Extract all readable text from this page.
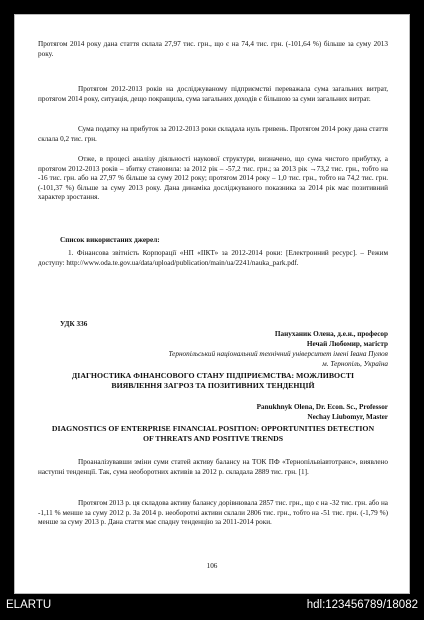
Протягом 2014 року дана стаття склала 27,97 тис. грн., що є на 74,4 тис. грн. (-101,64 %) більше за суму 2013 року.
Протягом 2012-2013 років на досліджуваному підприємстві переважала сума загальних витрат, протягом 2014 року, ситуація, дещо покращила, сума загальних доходів є більшою за суми загальних витрат.
Сума податку на прибуток за 2012-2013 роки складала нуль гривень. Протягом 2014 року дана стаття склала 0,2 тис. грн.
Отже, в процесі аналізу діяльності наукової структури, визначено, що сума чистого прибутку, а протягом 2012-2013 років – збитку становила: за 2012 рік – -57,2 тис. грн.; за 2013 рік →73,2 тис. грн., тобто на -16 тис. грн. або на 27,97 % більше за суму 2012 року; протягом 2014 року – 1,0 тис. грн., тобто на 74,2 тис. грн. (-101,37 %) більше за суму 2013 року. Дана динаміка досліджуваного показника за 2014 рік має позитивний характер зростання.
Список використаних джерел:
1. Фінансова звітність Корпорації «НП «ІІКТ» за 2012-2014 роки: [Електронний ресурс]. – Режим доступу: http://www.oda.te.gov.ua/data/upload/publication/main/ua/2241/nauka_park.pdf.
УДК 336
Пануханик Олена, д.е.н., професор
Нечай Любомир, магістр
Тернопільський національний технічний університет імені Івана Пулюя
м. Тернопіль, Україна
ДІАГНОСТИКА ФІНАНСОВОГО СТАНУ ПІДПРИЄМСТВА: МОЖЛИВОСТІ ВИЯВЛЕННЯ ЗАГРОЗ ТА ПОЗИТИВНИХ ТЕНДЕНЦІЙ
Panukhnyk Olena, Dr. Econ. Sc., Professor
Nechay Liubomyr, Master
DIAGNOSTICS OF ENTERPRISE FINANCIAL POSITION: OPPORTUNITIES DETECTION OF THREATS AND POSITIVE TRENDS
Проаналізувавши зміни суми статей активу балансу на ТОК ПФ «Тернопільвіавтотранс», виявлено наступні тенденції. Так, сума необоротних активів за 2012 р. складала 2889 тис. грн. [1].
Протягом 2013 р. ця складова активу балансу дорівнювала 2857 тис. грн., що є на -32 тис. грн. або на -1,11 % менше за суму 2012 р. За 2014 р. необоротні активи склали 2806 тис. грн., тобто на -51 тис. грн. (-1,79 %) менше за суму 2013 р. Дана стаття має спадну тенденцію за 2011-2014 роки.
106
ELARTU	hdl:123456789/18082
